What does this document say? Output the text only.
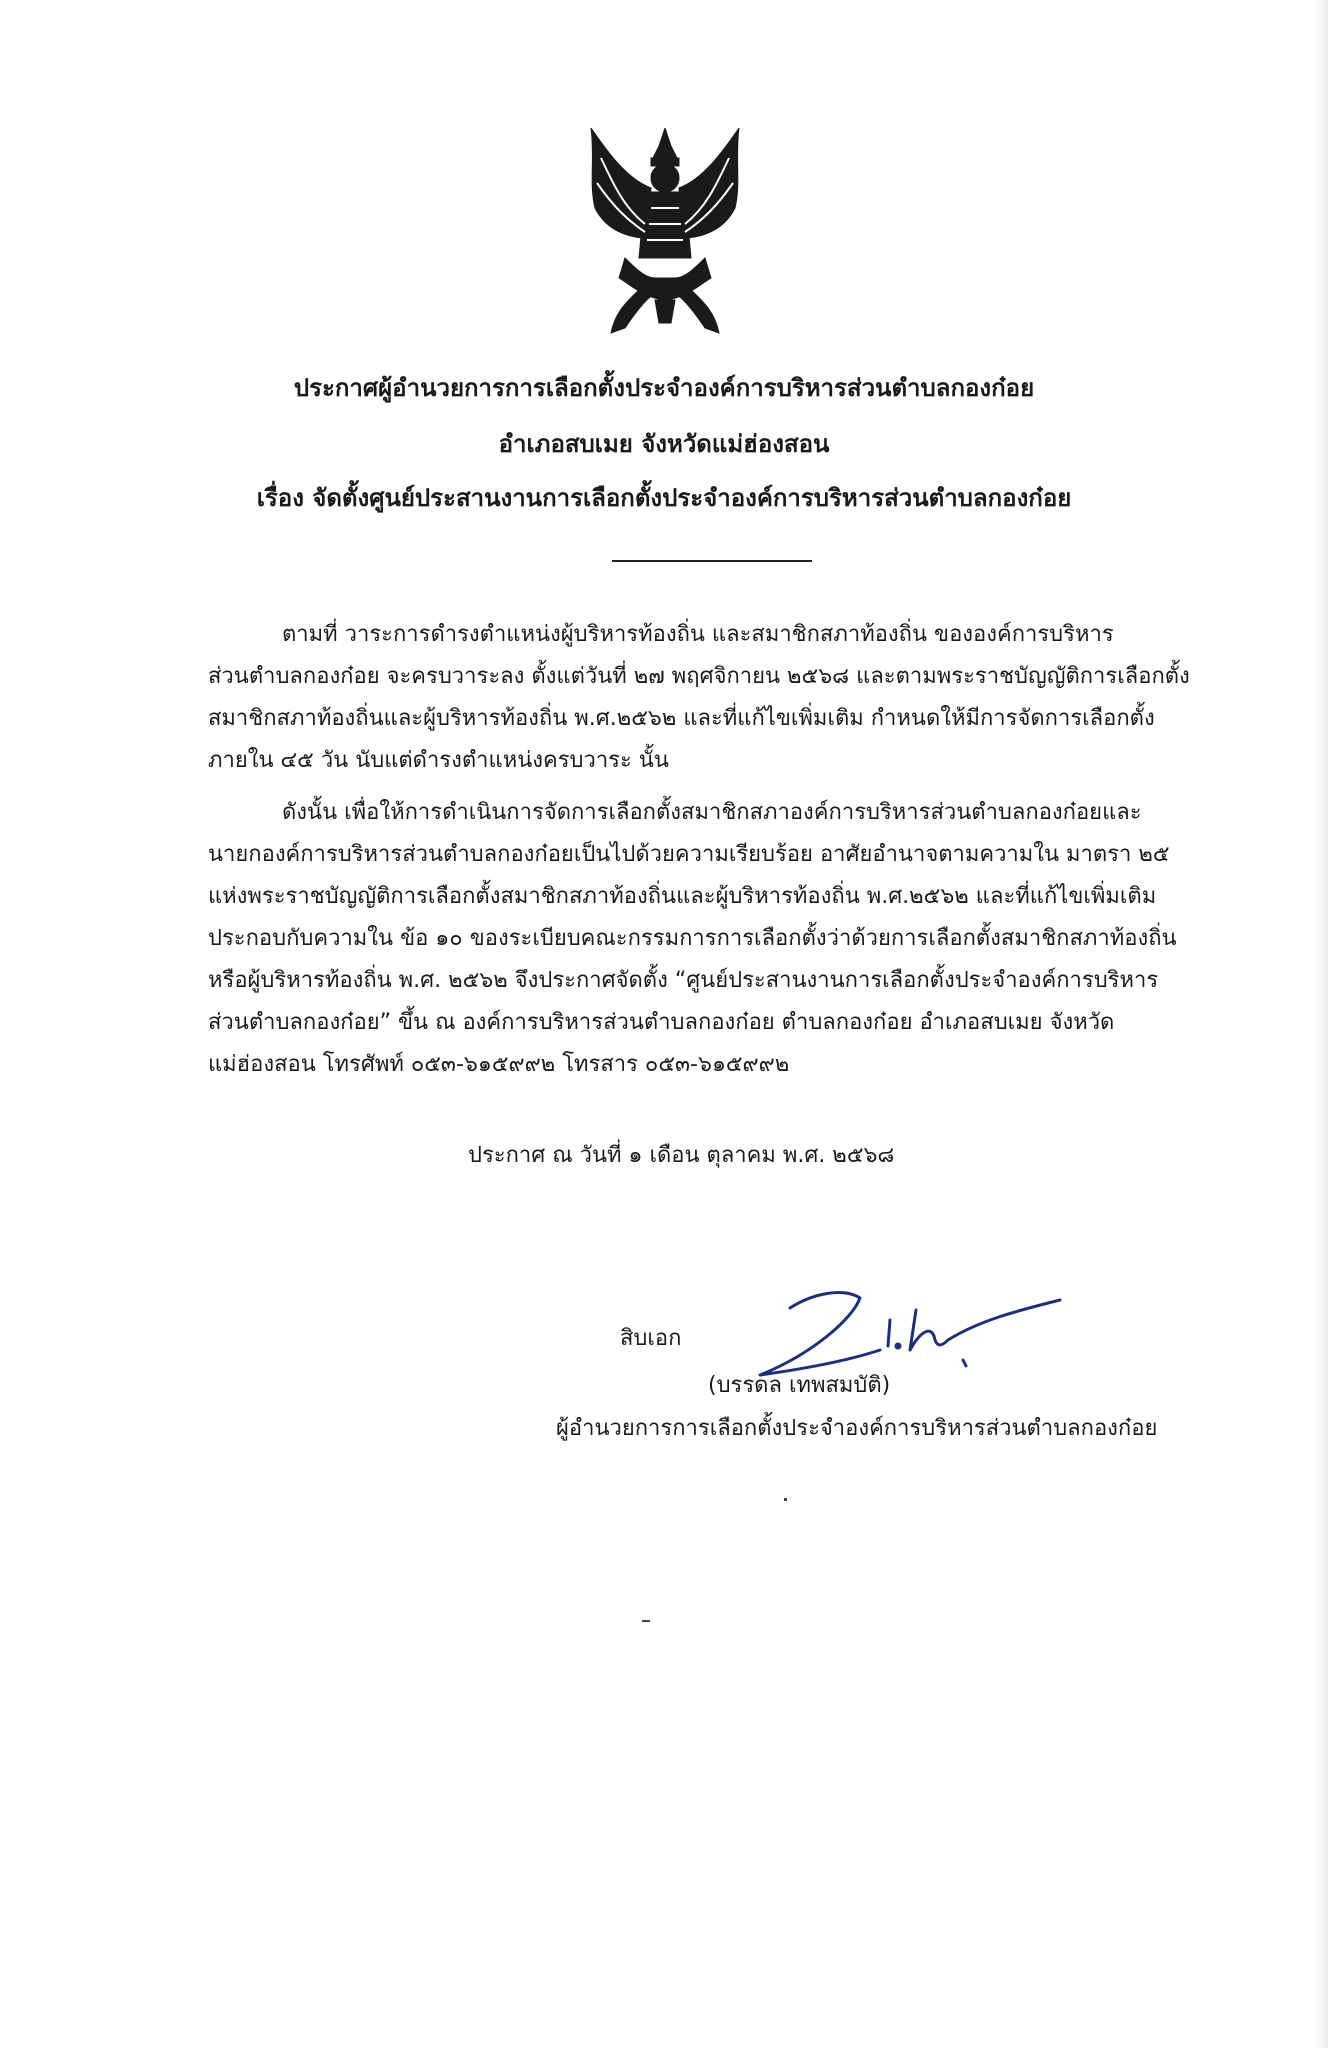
ประกาศผู้อำนวยการการเลือกตั้งประจำองค์การบริหารส่วนตำบลกองก๋อย
อำเภอสบเมย จังหวัดแม่ฮ่องสอน
เรื่อง จัดตั้งศูนย์ประสานงานการเลือกตั้งประจำองค์การบริหารส่วนตำบลกองก๋อย
ตามที่ วาระการดำรงตำแหน่งผู้บริหารท้องถิ่น และสมาชิกสภาท้องถิ่น ขององค์การบริหาร
ส่วนตำบลกองก๋อย จะครบวาระลง ตั้งแต่วันที่ ๒๗ พฤศจิกายน ๒๕๖๘ และตามพระราชบัญญัติการเลือกตั้ง
สมาชิกสภาท้องถิ่นและผู้บริหารท้องถิ่น พ.ศ.๒๕๖๒ และที่แก้ไขเพิ่มเติม กำหนดให้มีการจัดการเลือกตั้ง
ภายใน ๔๕ วัน นับแต่ดำรงตำแหน่งครบวาระ นั้น
ดังนั้น เพื่อให้การดำเนินการจัดการเลือกตั้งสมาชิกสภาองค์การบริหารส่วนตำบลกองก๋อยและ
นายกองค์การบริหารส่วนตำบลกองก๋อยเป็นไปด้วยความเรียบร้อย อาศัยอำนาจตามความใน มาตรา ๒๕
แห่งพระราชบัญญัติการเลือกตั้งสมาชิกสภาท้องถิ่นและผู้บริหารท้องถิ่น พ.ศ.๒๕๖๒ และที่แก้ไขเพิ่มเติม
ประกอบกับความใน ข้อ ๑๐ ของระเบียบคณะกรรมการการเลือกตั้งว่าด้วยการเลือกตั้งสมาชิกสภาท้องถิ่น
หรือผู้บริหารท้องถิ่น พ.ศ. ๒๕๖๒ จึงประกาศจัดตั้ง “ศูนย์ประสานงานการเลือกตั้งประจำองค์การบริหาร
ส่วนตำบลกองก๋อย” ขึ้น ณ องค์การบริหารส่วนตำบลกองก๋อย ตำบลกองก๋อย อำเภอสบเมย จังหวัด
แม่ฮ่องสอน โทรศัพท์ ๐๕๓-๖๑๕๙๙๒ โทรสาร ๐๕๓-๖๑๕๙๙๒
ประกาศ ณ วันที่ ๑ เดือน ตุลาคม พ.ศ. ๒๕๖๘
สิบเอก
(บรรดล เทพสมบัติ)
ผู้อำนวยการการเลือกตั้งประจำองค์การบริหารส่วนตำบลกองก๋อย
